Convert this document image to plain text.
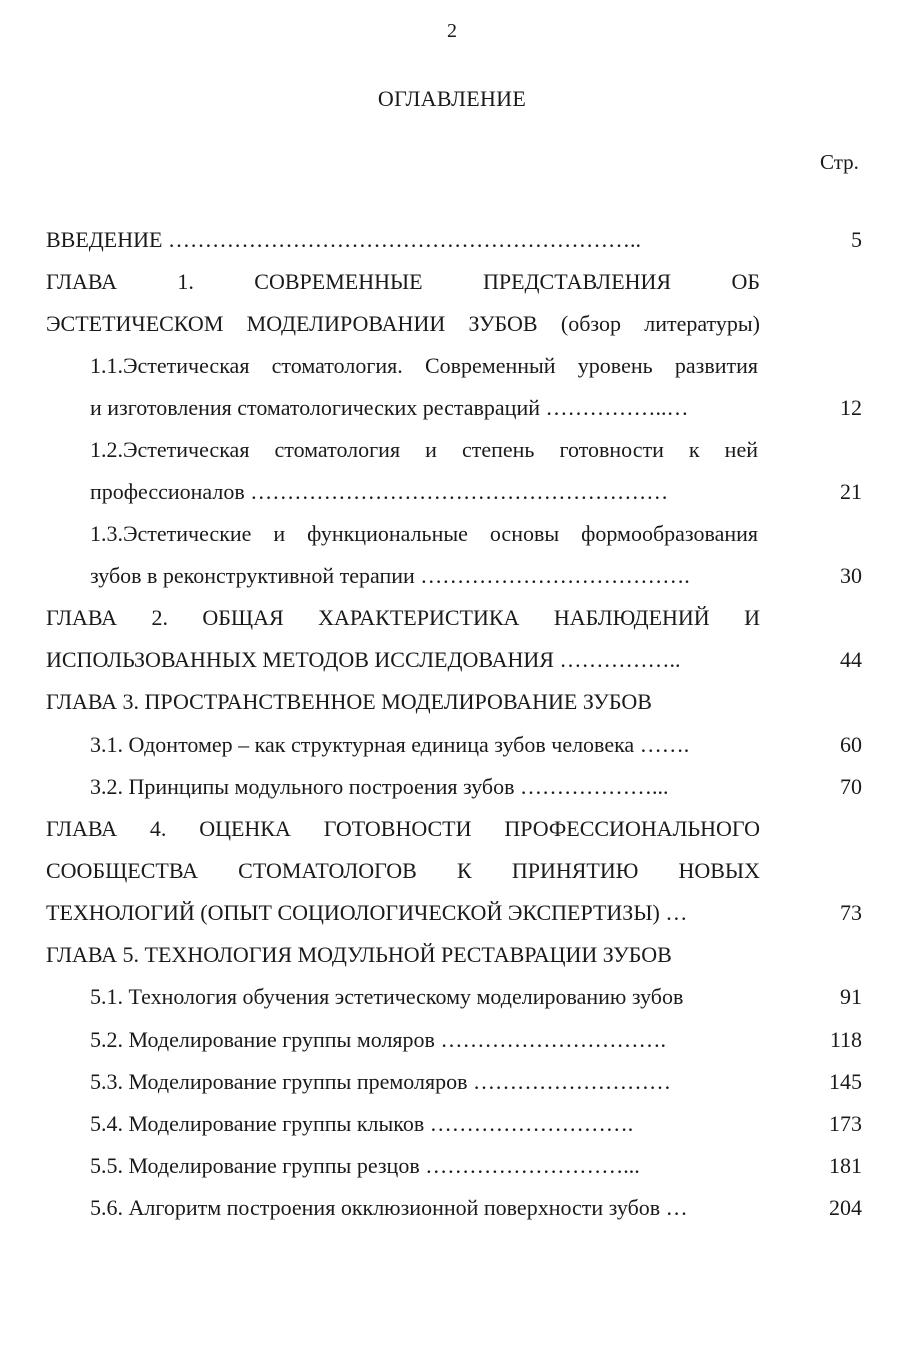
2
ОГЛАВЛЕНИЕ
Стр.
ВВЕДЕНИЕ ………………………………………………………..	5
ГЛАВА 1. СОВРЕМЕННЫЕ ПРЕДСТАВЛЕНИЯ ОБ
ЭСТЕТИЧЕСКОМ МОДЕЛИРОВАНИИ ЗУБОВ (обзор литературы)
1.1.Эстетическая стоматология. Современный уровень развития
и изготовления стоматологических реставраций ……………..…	12
1.2.Эстетическая стоматология и степень готовности к ней
профессионалов …………………………………………………	21
1.3.Эстетические и функциональные основы формообразования
зубов в реконструктивной терапии ……………………………….	30
ГЛАВА 2. ОБЩАЯ ХАРАКТЕРИСТИКА НАБЛЮДЕНИЙ И
ИСПОЛЬЗОВАННЫХ МЕТОДОВ ИССЛЕДОВАНИЯ ……………..	44
ГЛАВА 3. ПРОСТРАНСТВЕННОЕ МОДЕЛИРОВАНИЕ ЗУБОВ
3.1. Одонтомер – как структурная единица зубов человека …….	60
3.2. Принципы модульного построения зубов ………………...	70
ГЛАВА 4. ОЦЕНКА ГОТОВНОСТИ ПРОФЕССИОНАЛЬНОГО
СООБЩЕСТВА СТОМАТОЛОГОВ К ПРИНЯТИЮ НОВЫХ
ТЕХНОЛОГИЙ (ОПЫТ СОЦИОЛОГИЧЕСКОЙ ЭКСПЕРТИЗЫ) …	73
ГЛАВА 5. ТЕХНОЛОГИЯ МОДУЛЬНОЙ РЕСТАВРАЦИИ ЗУБОВ
5.1. Технология обучения эстетическому моделированию зубов	91
5.2. Моделирование группы моляров ………………………….	118
5.3. Моделирование группы премоляров ………………………	145
5.4. Моделирование группы клыков ……………………….	173
5.5. Моделирование группы резцов ………………………...	181
5.6. Алгоритм построения окклюзионной поверхности зубов …	204
